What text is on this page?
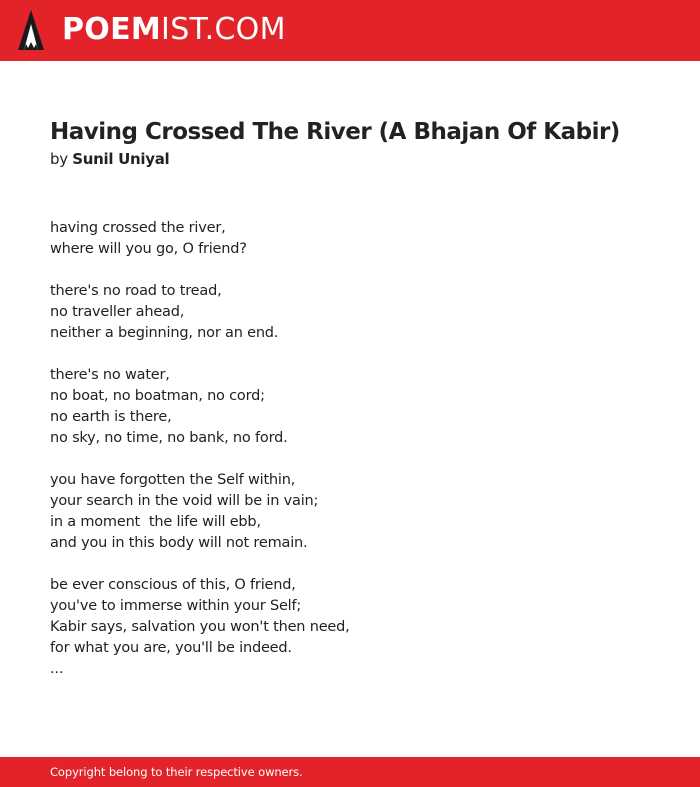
POEMIST.COM
Having Crossed The River (A Bhajan Of Kabir)
by Sunil Uniyal
having crossed the river,
where will you go, O friend?
there's no road to tread,
no traveller ahead,
neither a beginning, nor an end.
there's no water,
no boat, no boatman, no cord;
no earth is there,
no sky, no time, no bank, no ford.
you have forgotten the Self within,
your search in the void will be in vain;
in a moment  the life will ebb,
and you in this body will not remain.
be ever conscious of this, O friend,
you've to immerse within your Self;
Kabir says, salvation you won't then need,
for what you are, you'll be indeed.
...
Copyright belong to their respective owners.
